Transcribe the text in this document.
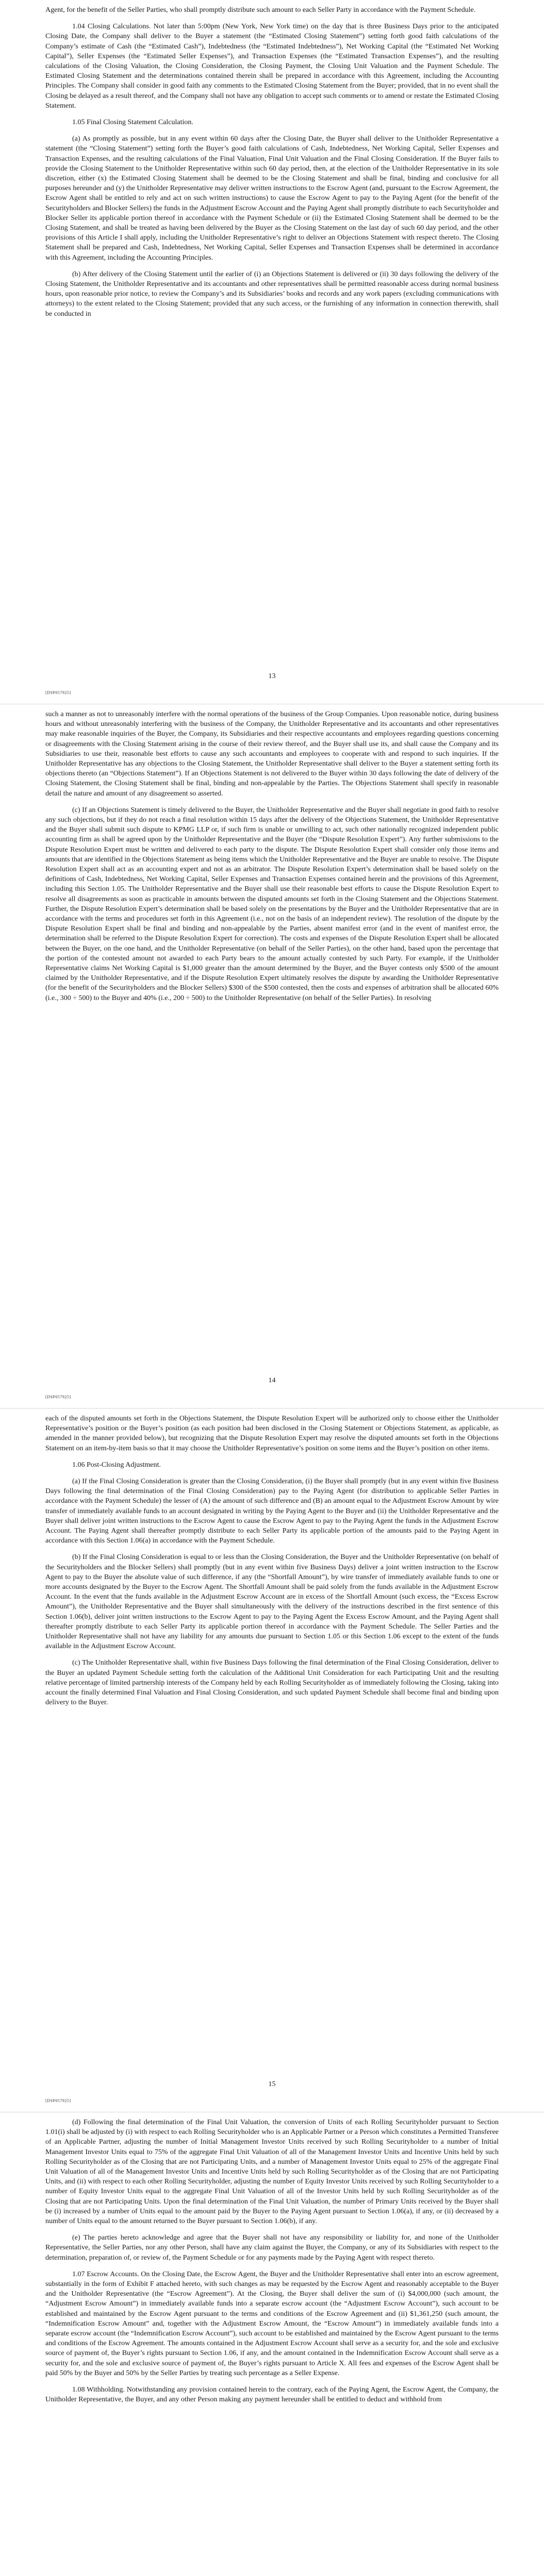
Agent, for the benefit of the Seller Parties, who shall promptly distribute such amount to each Seller Party in accordance with the Payment Schedule.

1.04 Closing Calculations. Not later than 5:00pm (New York, New York time) on the day that is three Business Days prior to the anticipated Closing Date, the Company shall deliver to the Buyer a statement (the “Estimated Closing Statement”) setting forth good faith calculations of the Company’s estimate of Cash (the “Estimated Cash”), Indebtedness (the “Estimated Indebtedness”), Net Working Capital (the “Estimated Net Working Capital”), Seller Expenses (the “Estimated Seller Expenses”), and Transaction Expenses (the “Estimated Transaction Expenses”), and the resulting calculations of the Closing Valuation, the Closing Consideration, the Closing Payment, the Closing Unit Valuation and the Payment Schedule. The Estimated Closing Statement and the determinations contained therein shall be prepared in accordance with this Agreement, including the Accounting Principles. The Company shall consider in good faith any comments to the Estimated Closing Statement from the Buyer; provided, that in no event shall the Closing be delayed as a result thereof, and the Company shall not have any obligation to accept such comments or to amend or restate the Estimated Closing Statement.

1.05 Final Closing Statement Calculation.

(a) As promptly as possible, but in any event within 60 days after the Closing Date, the Buyer shall deliver to the Unitholder Representative a statement (the “Closing Statement”) setting forth the Buyer’s good faith calculations of Cash, Indebtedness, Net Working Capital, Seller Expenses and Transaction Expenses, and the resulting calculations of the Final Valuation, Final Unit Valuation and the Final Closing Consideration. If the Buyer fails to provide the Closing Statement to the Unitholder Representative within such 60 day period, then, at the election of the Unitholder Representative in its sole discretion, either (x) the Estimated Closing Statement shall be deemed to be the Closing Statement and shall be final, binding and conclusive for all purposes hereunder and (y) the Unitholder Representative may deliver written instructions to the Escrow Agent (and, pursuant to the Escrow Agreement, the Escrow Agent shall be entitled to rely and act on such written instructions) to cause the Escrow Agent to pay to the Paying Agent (for the benefit of the Securityholders and Blocker Sellers) the funds in the Adjustment Escrow Account and the Paying Agent shall promptly distribute to each Securityholder and Blocker Seller its applicable portion thereof in accordance with the Payment Schedule or (ii) the Estimated Closing Statement shall be deemed to be the Closing Statement, and shall be treated as having been delivered by the Buyer as the Closing Statement on the last day of such 60 day period, and the other provisions of this Article I shall apply, including the Unitholder Representative’s right to deliver an Objections Statement with respect thereto. The Closing Statement shall be prepared and Cash, Indebtedness, Net Working Capital, Seller Expenses and Transaction Expenses shall be determined in accordance with this Agreement, including the Accounting Principles.

(b) After delivery of the Closing Statement until the earlier of (i) an Objections Statement is delivered or (ii) 30 days following the delivery of the Closing Statement, the Unitholder Representative and its accountants and other representatives shall be permitted reasonable access during normal business hours, upon reasonable prior notice, to review the Company’s and its Subsidiaries’ books and records and any work papers (excluding communications with attorneys) to the extent related to the Closing Statement; provided that any such access, or the furnishing of any information in connection therewith, shall be conducted in

13
[DSP057925]

such a manner as not to unreasonably interfere with the normal operations of the business of the Group Companies. Upon reasonable notice, during business hours and without unreasonably interfering with the business of the Company, the Unitholder Representative and its accountants and other representatives may make reasonable inquiries of the Buyer, the Company, its Subsidiaries and their respective accountants and employees regarding questions concerning or disagreements with the Closing Statement arising in the course of their review thereof, and the Buyer shall use its, and shall cause the Company and its Subsidiaries to use their, reasonable best efforts to cause any such accountants and employees to cooperate with and respond to such inquiries. If the Unitholder Representative has any objections to the Closing Statement, the Unitholder Representative shall deliver to the Buyer a statement setting forth its objections thereto (an “Objections Statement”). If an Objections Statement is not delivered to the Buyer within 30 days following the date of delivery of the Closing Statement, the Closing Statement shall be final, binding and non-appealable by the Parties. The Objections Statement shall specify in reasonable detail the nature and amount of any disagreement so asserted.

(c) If an Objections Statement is timely delivered to the Buyer, the Unitholder Representative and the Buyer shall negotiate in good faith to resolve any such objections, but if they do not reach a final resolution within 15 days after the delivery of the Objections Statement, the Unitholder Representative and the Buyer shall submit such dispute to KPMG LLP or, if such firm is unable or unwilling to act, such other nationally recognized independent public accounting firm as shall be agreed upon by the Unitholder Representative and the Buyer (the “Dispute Resolution Expert”). Any further submissions to the Dispute Resolution Expert must be written and delivered to each party to the dispute. The Dispute Resolution Expert shall consider only those items and amounts that are identified in the Objections Statement as being items which the Unitholder Representative and the Buyer are unable to resolve. The Dispute Resolution Expert shall act as an accounting expert and not as an arbitrator. The Dispute Resolution Expert’s determination shall be based solely on the definitions of Cash, Indebtedness, Net Working Capital, Seller Expenses and Transaction Expenses contained herein and the provisions of this Agreement, including this Section 1.05. The Unitholder Representative and the Buyer shall use their reasonable best efforts to cause the Dispute Resolution Expert to resolve all disagreements as soon as practicable in amounts between the disputed amounts set forth in the Closing Statement and the Objections Statement. Further, the Dispute Resolution Expert’s determination shall be based solely on the presentations by the Buyer and the Unitholder Representative that are in accordance with the terms and procedures set forth in this Agreement (i.e., not on the basis of an independent review). The resolution of the dispute by the Dispute Resolution Expert shall be final and binding and non-appealable by the Parties, absent manifest error (and in the event of manifest error, the determination shall be referred to the Dispute Resolution Expert for correction). The costs and expenses of the Dispute Resolution Expert shall be allocated between the Buyer, on the one hand, and the Unitholder Representative (on behalf of the Seller Parties), on the other hand, based upon the percentage that the portion of the contested amount not awarded to each Party bears to the amount actually contested by such Party. For example, if the Unitholder Representative claims Net Working Capital is $1,000 greater than the amount determined by the Buyer, and the Buyer contests only $500 of the amount claimed by the Unitholder Representative, and if the Dispute Resolution Expert ultimately resolves the dispute by awarding the Unitholder Representative (for the benefit of the Securityholders and the Blocker Sellers) $300 of the $500 contested, then the costs and expenses of arbitration shall be allocated 60% (i.e., 300 ÷ 500) to the Buyer and 40% (i.e., 200 ÷ 500) to the Unitholder Representative (on behalf of the Seller Parties). In resolving

14
[DSP057925]

each of the disputed amounts set forth in the Objections Statement, the Dispute Resolution Expert will be authorized only to choose either the Unitholder Representative’s position or the Buyer’s position (as each position had been disclosed in the Closing Statement or Objections Statement, as applicable, as amended in the manner provided below), but recognizing that the Dispute Resolution Expert may resolve the disputed amounts set forth in the Objections Statement on an item-by-item basis so that it may choose the Unitholder Representative’s position on some items and the Buyer’s position on other items.

1.06 Post-Closing Adjustment.

(a) If the Final Closing Consideration is greater than the Closing Consideration, (i) the Buyer shall promptly (but in any event within five Business Days following the final determination of the Final Closing Consideration) pay to the Paying Agent (for distribution to applicable Seller Parties in accordance with the Payment Schedule) the lesser of (A) the amount of such difference and (B) an amount equal to the Adjustment Escrow Amount by wire transfer of immediately available funds to an account designated in writing by the Paying Agent to the Buyer and (ii) the Unitholder Representative and the Buyer shall deliver joint written instructions to the Escrow Agent to cause the Escrow Agent to pay to the Paying Agent the funds in the Adjustment Escrow Account. The Paying Agent shall thereafter promptly distribute to each Seller Party its applicable portion of the amounts paid to the Paying Agent in accordance with this Section 1.06(a) in accordance with the Payment Schedule.

(b) If the Final Closing Consideration is equal to or less than the Closing Consideration, the Buyer and the Unitholder Representative (on behalf of the Securityholders and the Blocker Sellers) shall promptly (but in any event within five Business Days) deliver a joint written instruction to the Escrow Agent to pay to the Buyer the absolute value of such difference, if any (the “Shortfall Amount”), by wire transfer of immediately available funds to one or more accounts designated by the Buyer to the Escrow Agent. The Shortfall Amount shall be paid solely from the funds available in the Adjustment Escrow Account. In the event that the funds available in the Adjustment Escrow Account are in excess of the Shortfall Amount (such excess, the “Excess Escrow Amount”), the Unitholder Representative and the Buyer shall simultaneously with the delivery of the instructions described in the first sentence of this Section 1.06(b), deliver joint written instructions to the Escrow Agent to pay to the Paying Agent the Excess Escrow Amount, and the Paying Agent shall thereafter promptly distribute to each Seller Party its applicable portion thereof in accordance with the Payment Schedule. The Seller Parties and the Unitholder Representative shall not have any liability for any amounts due pursuant to Section 1.05 or this Section 1.06 except to the extent of the funds available in the Adjustment Escrow Account.

(c) The Unitholder Representative shall, within five Business Days following the final determination of the Final Closing Consideration, deliver to the Buyer an updated Payment Schedule setting forth the calculation of the Additional Unit Consideration for each Participating Unit and the resulting relative percentage of limited partnership interests of the Company held by each Rolling Securityholder as of immediately following the Closing, taking into account the finally determined Final Valuation and Final Closing Consideration, and such updated Payment Schedule shall become final and binding upon delivery to the Buyer.

15
[DSP057925]

(d) Following the final determination of the Final Unit Valuation, the conversion of Units of each Rolling Securityholder pursuant to Section 1.01(i) shall be adjusted by (i) with respect to each Rolling Securityholder who is an Applicable Partner or a Person which constitutes a Permitted Transferee of an Applicable Partner, adjusting the number of Initial Management Investor Units received by such Rolling Securityholder to a number of Initial Management Investor Units equal to 75% of the aggregate Final Unit Valuation of all of the Management Investor Units and Incentive Units held by such Rolling Securityholder as of the Closing that are not Participating Units, and a number of Management Investor Units equal to 25% of the aggregate Final Unit Valuation of all of the Management Investor Units and Incentive Units held by such Rolling Securityholder as of the Closing that are not Participating Units, and (ii) with respect to each other Rolling Securityholder, adjusting the number of Equity Investor Units received by such Rolling Securityholder to a number of Equity Investor Units equal to the aggregate Final Unit Valuation of all of the Investor Units held by such Rolling Securityholder as of the Closing that are not Participating Units. Upon the final determination of the Final Unit Valuation, the number of Primary Units received by the Buyer shall be (i) increased by a number of Units equal to the amount paid by the Buyer to the Paying Agent pursuant to Section 1.06(a), if any, or (ii) decreased by a number of Units equal to the amount returned to the Buyer pursuant to Section 1.06(b), if any.

(e) The parties hereto acknowledge and agree that the Buyer shall not have any responsibility or liability for, and none of the Unitholder Representative, the Seller Parties, nor any other Person, shall have any claim against the Buyer, the Company, or any of its Subsidiaries with respect to the determination, preparation of, or review of, the Payment Schedule or for any payments made by the Paying Agent with respect thereto.

1.07 Escrow Accounts. On the Closing Date, the Escrow Agent, the Buyer and the Unitholder Representative shall enter into an escrow agreement, substantially in the form of Exhibit F attached hereto, with such changes as may be requested by the Escrow Agent and reasonably acceptable to the Buyer and the Unitholder Representative (the “Escrow Agreement”). At the Closing, the Buyer shall deliver the sum of (i) $4,000,000 (such amount, the “Adjustment Escrow Amount”) in immediately available funds into a separate escrow account (the “Adjustment Escrow Account”), such account to be established and maintained by the Escrow Agent pursuant to the terms and conditions of the Escrow Agreement and (ii) $1,361,250 (such amount, the “Indemnification Escrow Amount” and, together with the Adjustment Escrow Amount, the “Escrow Amount”) in immediately available funds into a separate escrow account (the “Indemnification Escrow Account”), such account to be established and maintained by the Escrow Agent pursuant to the terms and conditions of the Escrow Agreement. The amounts contained in the Adjustment Escrow Account shall serve as a security for, and the sole and exclusive source of payment of, the Buyer’s rights pursuant to Section 1.06, if any, and the amount contained in the Indemnification Escrow Account shall serve as a security for, and the sole and exclusive source of payment of, the Buyer’s rights pursuant to Article X. All fees and expenses of the Escrow Agent shall be paid 50% by the Buyer and 50% by the Seller Parties by treating such percentage as a Seller Expense.

1.08 Withholding. Notwithstanding any provision contained herein to the contrary, each of the Paying Agent, the Escrow Agent, the Company, the Unitholder Representative, the Buyer, and any other Person making any payment hereunder shall be entitled to deduct and withhold from
